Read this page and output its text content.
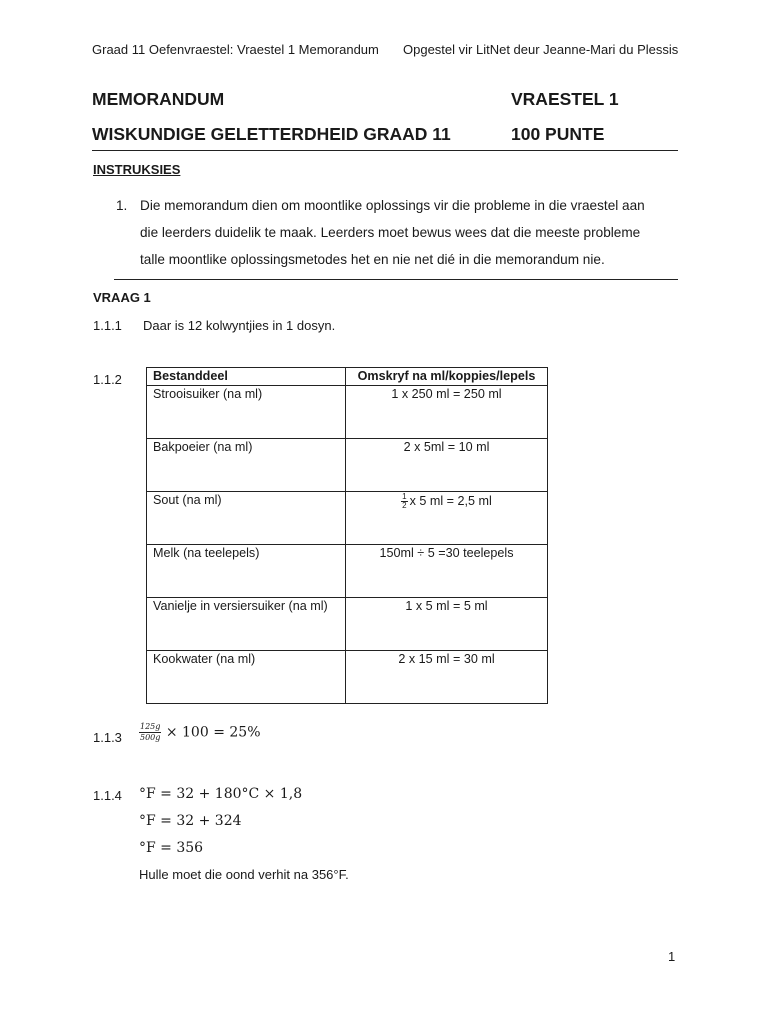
Graad 11 Oefenvraestel: Vraestel 1 Memorandum Opgestel vir LitNet deur Jeanne-Mari du Plessis
MEMORANDUM	VRAESTEL 1
WISKUNDIGE GELETTERDHEID GRAAD 11	100 PUNTE
INSTRUKSIES
1. Die memorandum dien om moontlike oplossings vir die probleme in die vraestel aan
die leerders duidelik te maak. Leerders moet bewus wees dat die meeste probleme
talle moontlike oplossingsmetodes het en nie net dié in die memorandum nie.
VRAAG 1
1.1.1 Daar is 12 kolwyntjies in 1 dosyn.
1.1.2 Bestanddeel	Omskryf na ml/koppies/lepels
Strooisuiker (na ml)	1 x 250 ml = 250 ml
Bakpoeier (na ml)	2 x 5ml = 10 ml
Sout (na ml)	$\frac{1}{2}$ x 5 ml = 2,5 ml
Melk (na teelepels)	150ml ÷ 5 =30 teelepels
Vanielje in versiersuiker (na ml)	1 x 5 ml = 5 ml
Kookwater (na ml)	2 x 15 ml = 30 ml
$1.1.3 \frac{125g}{500g} \times 100 = 25\%$
1.1.4 °F = 32 + 180°C × 1,8
°F = 32 + 324
°F = 356
Hulle moet die oond verhit na 356°F.
1
